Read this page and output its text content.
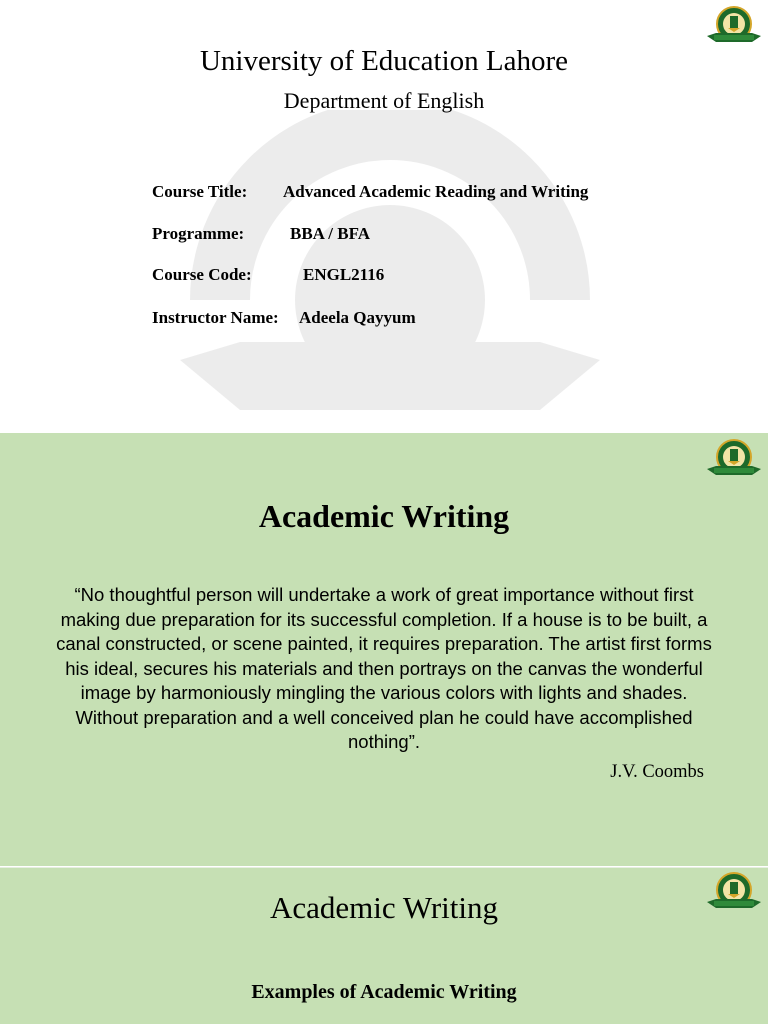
University of Education Lahore
Department of English
Course Title: Advanced Academic Reading and Writing
Programme:	BBA / BFA
Course Code:	ENGL2116
Instructor Name: Adeela Qayyum
Academic Writing
“No thoughtful person will undertake a work of great importance without first making due preparation for its successful completion. If a house is to be built, a canal constructed, or scene painted, it requires preparation. The artist first forms his ideal, secures his materials and then portrays on the canvas the wonderful image by harmoniously mingling the various colors with lights and shades. Without preparation and a well conceived plan he could have accomplished nothing”.
J.V. Coombs
Academic Writing
Examples of Academic Writing
